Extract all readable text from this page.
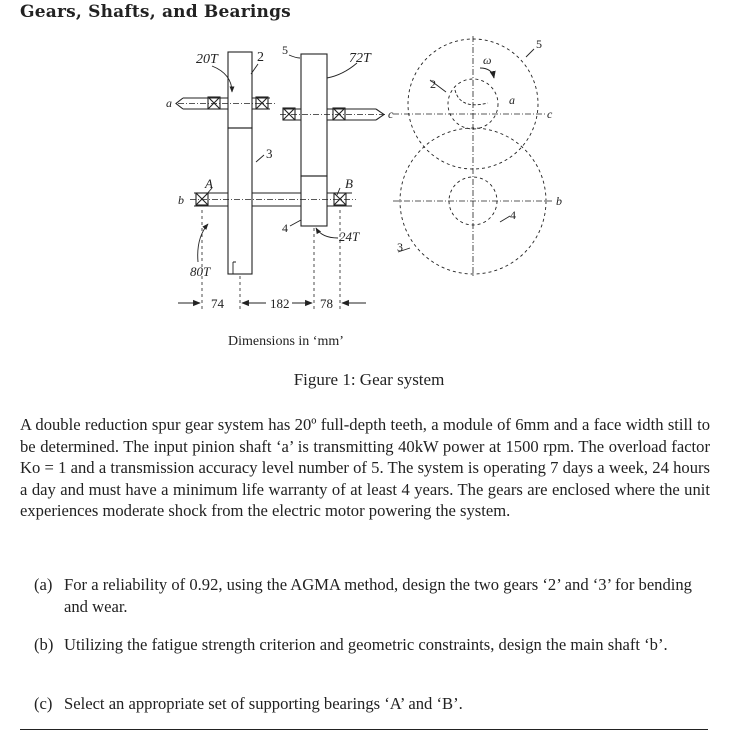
Gears, Shafts, and Bearings
20T	2 5
72T
a
c
3
A	B
b
4
24T
80T
74	182 78
5
2
ω
a
c
b
4
3
Dimensions in ‘mm’
Figure 1: Gear system
A double reduction spur gear system has 20º full-depth teeth, a module of 6mm and a face width still to be determined. The input pinion shaft ‘a’ is transmitting 40kW power at 1500 rpm. The overload factor Ko = 1 and a transmission accuracy level number of 5. The system is operating 7 days a week, 24 hours a day and must have a minimum life warranty of at least 4 years. The gears are enclosed where the unit experiences moderate shock from the electric motor powering the system.
(a) For a reliability of 0.92, using the AGMA method, design the two gears ‘2’ and ‘3’ for bending and wear.
(b) Utilizing the fatigue strength criterion and geometric constraints, design the main shaft ‘b’.
(c) Select an appropriate set of supporting bearings ‘A’ and ‘B’.
